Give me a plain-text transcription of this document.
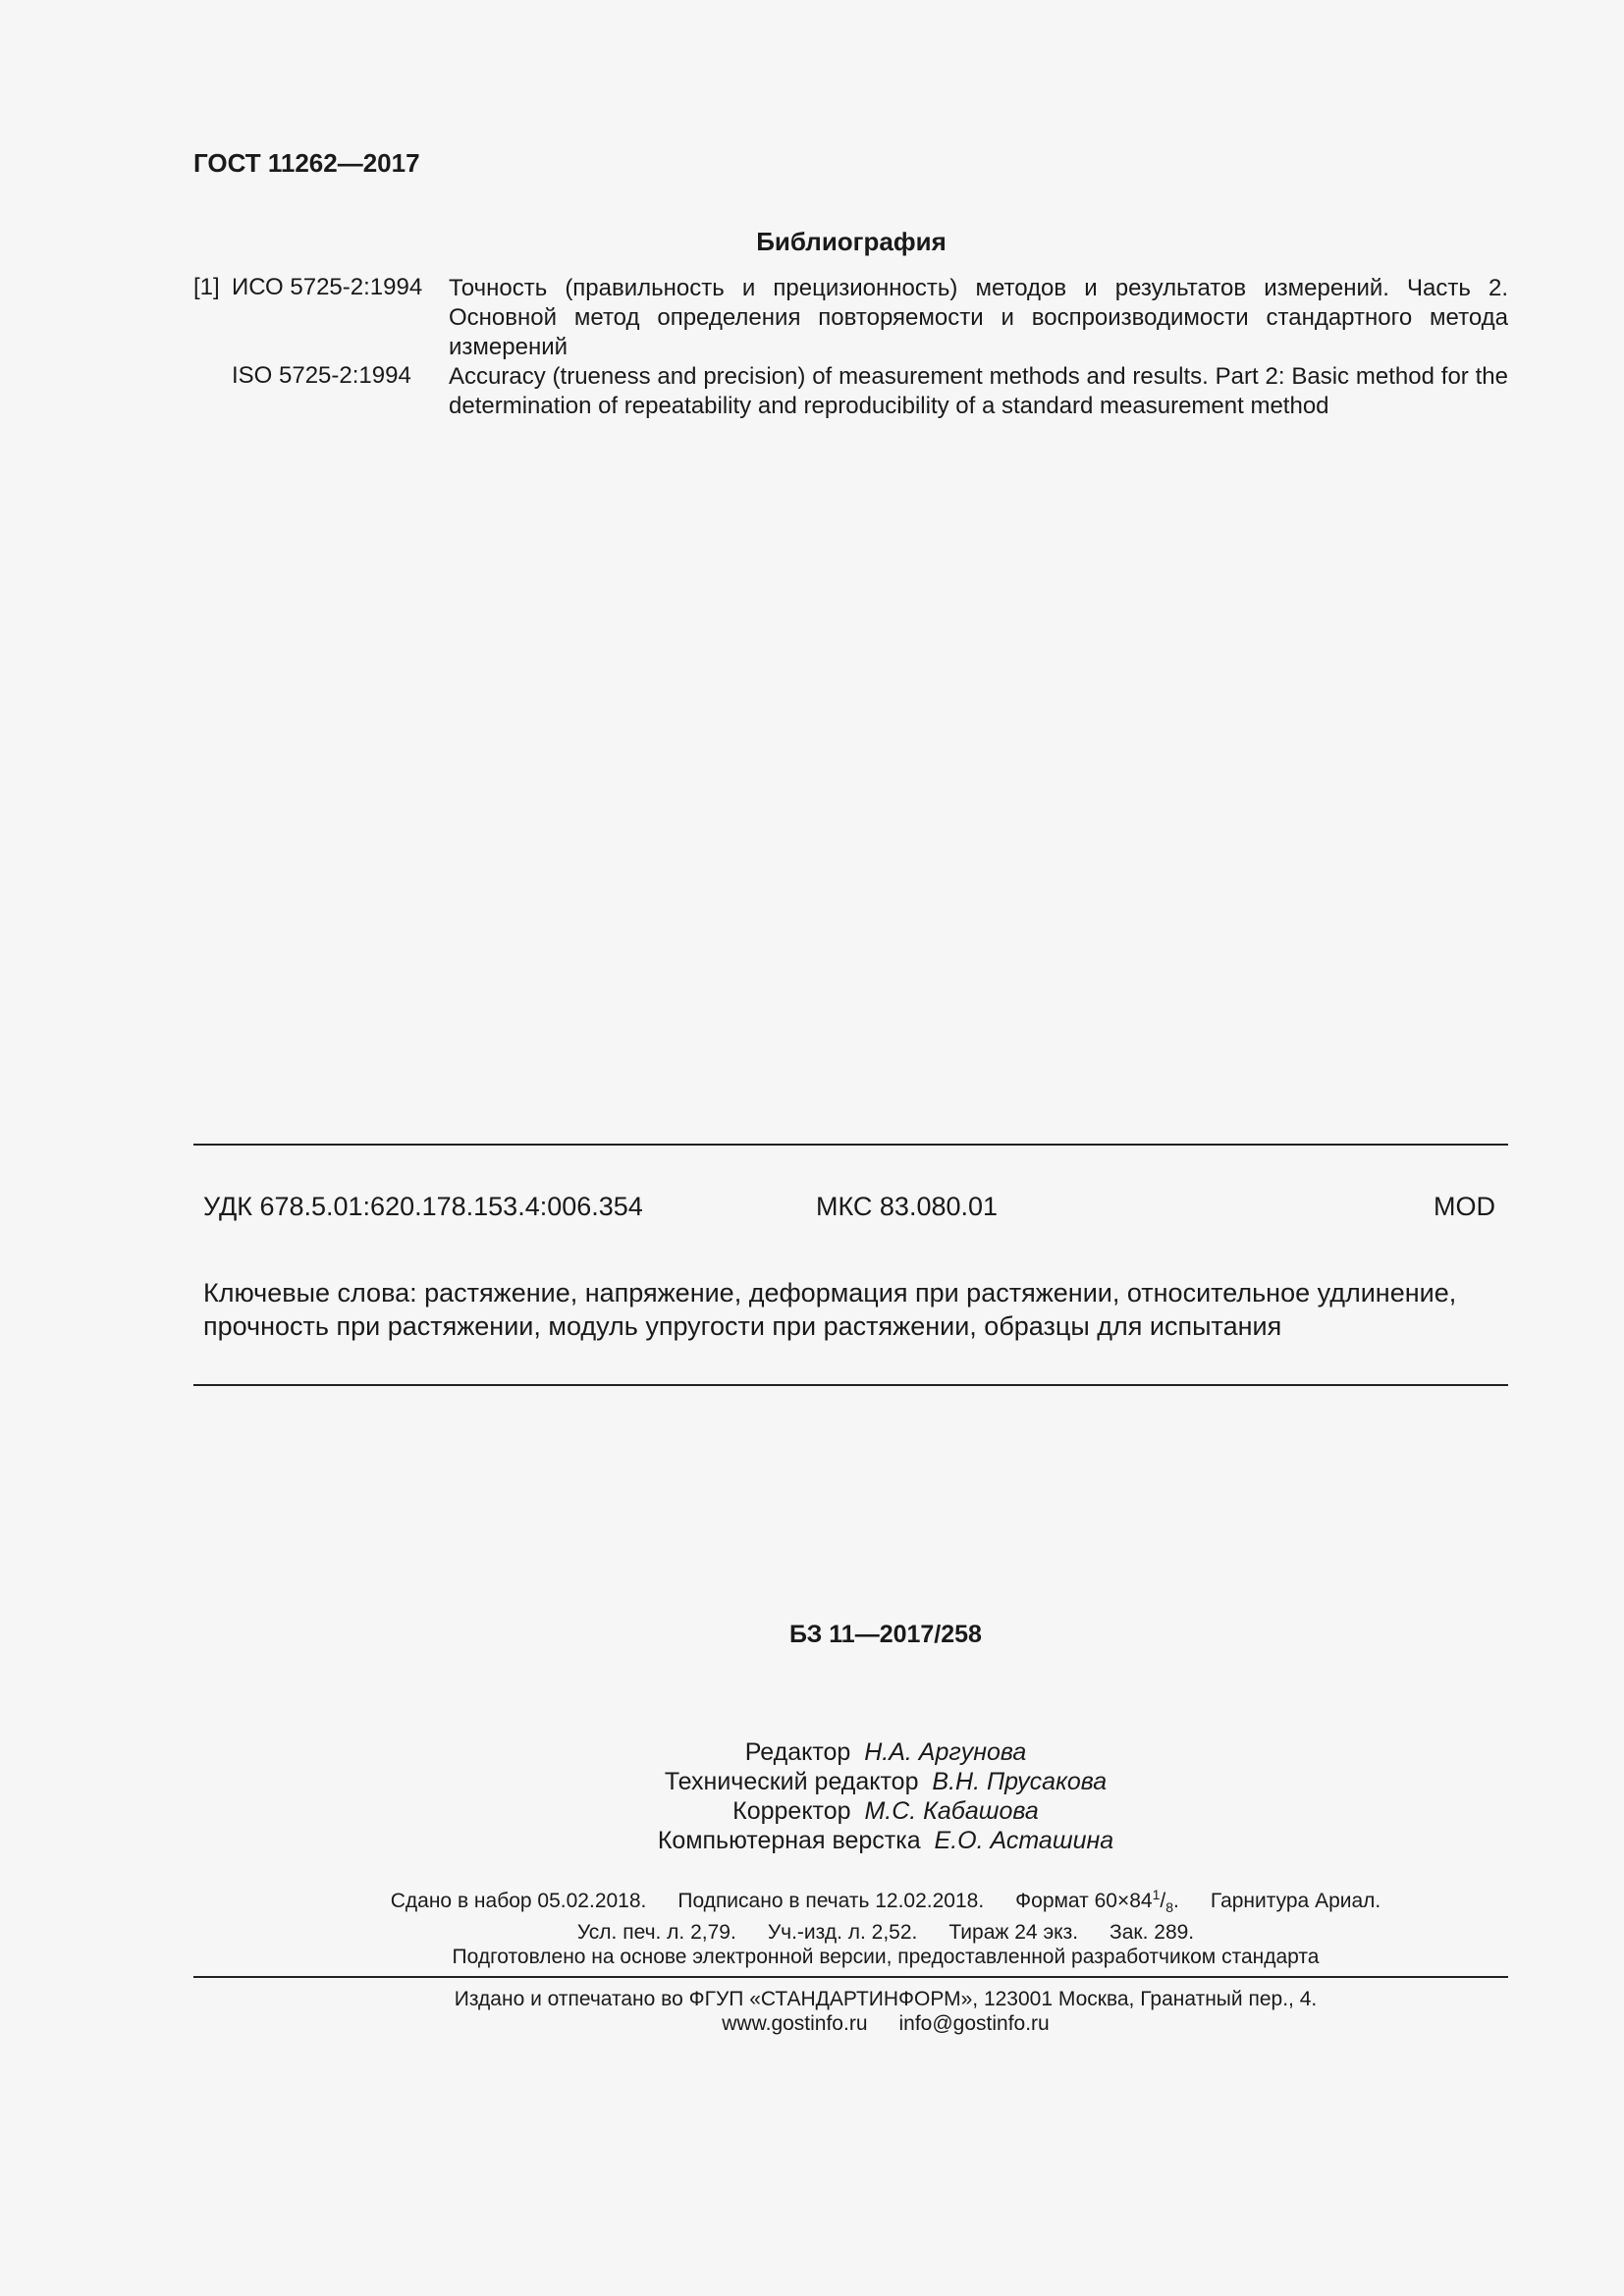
ГОСТ 11262—2017
Библиография
[1] ИСО 5725-2:1994 Точность (правильность и прецизионность) методов и результатов измерений. Часть 2. Основной метод определения повторяемости и воспроизводимости стандартного метода измерений
ISO 5725-2:1994 Accuracy (trueness and precision) of measurement methods and results. Part 2: Basic method for the determination of repeatability and reproducibility of a standard measurement method
УДК 678.5.01:620.178.153.4:006.354	МКС 83.080.01	MOD
Ключевые слова: растяжение, напряжение, деформация при растяжении, относительное удлинение, прочность при растяжении, модуль упругости при растяжении, образцы для испытания
БЗ 11—2017/258
Редактор Н.А. Аргунова
Технический редактор В.Н. Прусакова
Корректор М.С. Кабашова
Компьютерная верстка Е.О. Асташина
Сдано в набор 05.02.2018. Подписано в печать 12.02.2018. Формат $60\times 84^1/_8$. Гарнитура Ариал.
Усл. печ. л. 2,79. Уч.-изд. л. 2,52. Тираж 24 экз. Зак. 289.
Подготовлено на основе электронной версии, предоставленной разработчиком стандарта
Издано и отпечатано во ФГУП «СТАНДАРТИНФОРМ», 123001 Москва, Гранатный пер., 4.
www.gostinfo.ru info@gostinfo.ru
